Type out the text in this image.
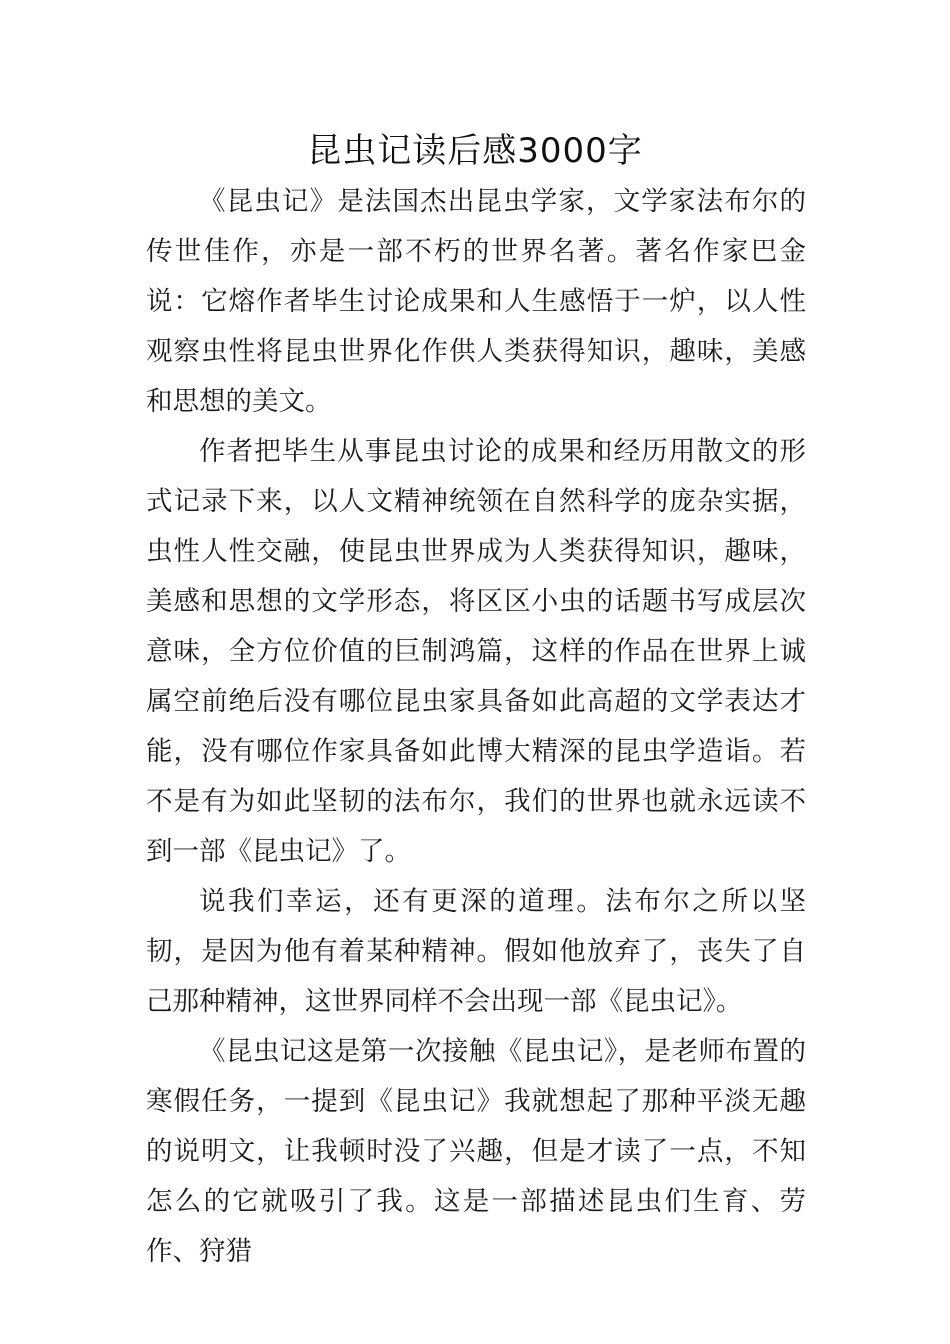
昆虫记读后感3000字

《昆虫记》是法国杰出昆虫学家，文学家法布尔的传世佳作，亦是一部不朽的世界名著。著名作家巴金说：它熔作者毕生讨论成果和人生感悟于一炉，以人性观察虫性将昆虫世界化作供人类获得知识，趣味，美感和思想的美文。

作者把毕生从事昆虫讨论的成果和经历用散文的形式记录下来，以人文精神统领在自然科学的庞杂实据，虫性人性交融，使昆虫世界成为人类获得知识，趣味，美感和思想的文学形态，将区区小虫的话题书写成层次意味，全方位价值的巨制鸿篇，这样的作品在世界上诚属空前绝后没有哪位昆虫家具备如此高超的文学表达才能，没有哪位作家具备如此博大精深的昆虫学造诣。若不是有为如此坚韧的法布尔，我们的世界也就永远读不到一部《昆虫记》了。

说我们幸运，还有更深的道理。法布尔之所以坚韧，是因为他有着某种精神。假如他放弃了，丧失了自己那种精神，这世界同样不会出现一部《昆虫记》。

《昆虫记这是第一次接触《昆虫记》，是老师布置的寒假任务，一提到《昆虫记》我就想起了那种平淡无趣的说明文，让我顿时没了兴趣，但是才读了一点，不知怎么的它就吸引了我。这是一部描述昆虫们生育、劳作、狩猎
